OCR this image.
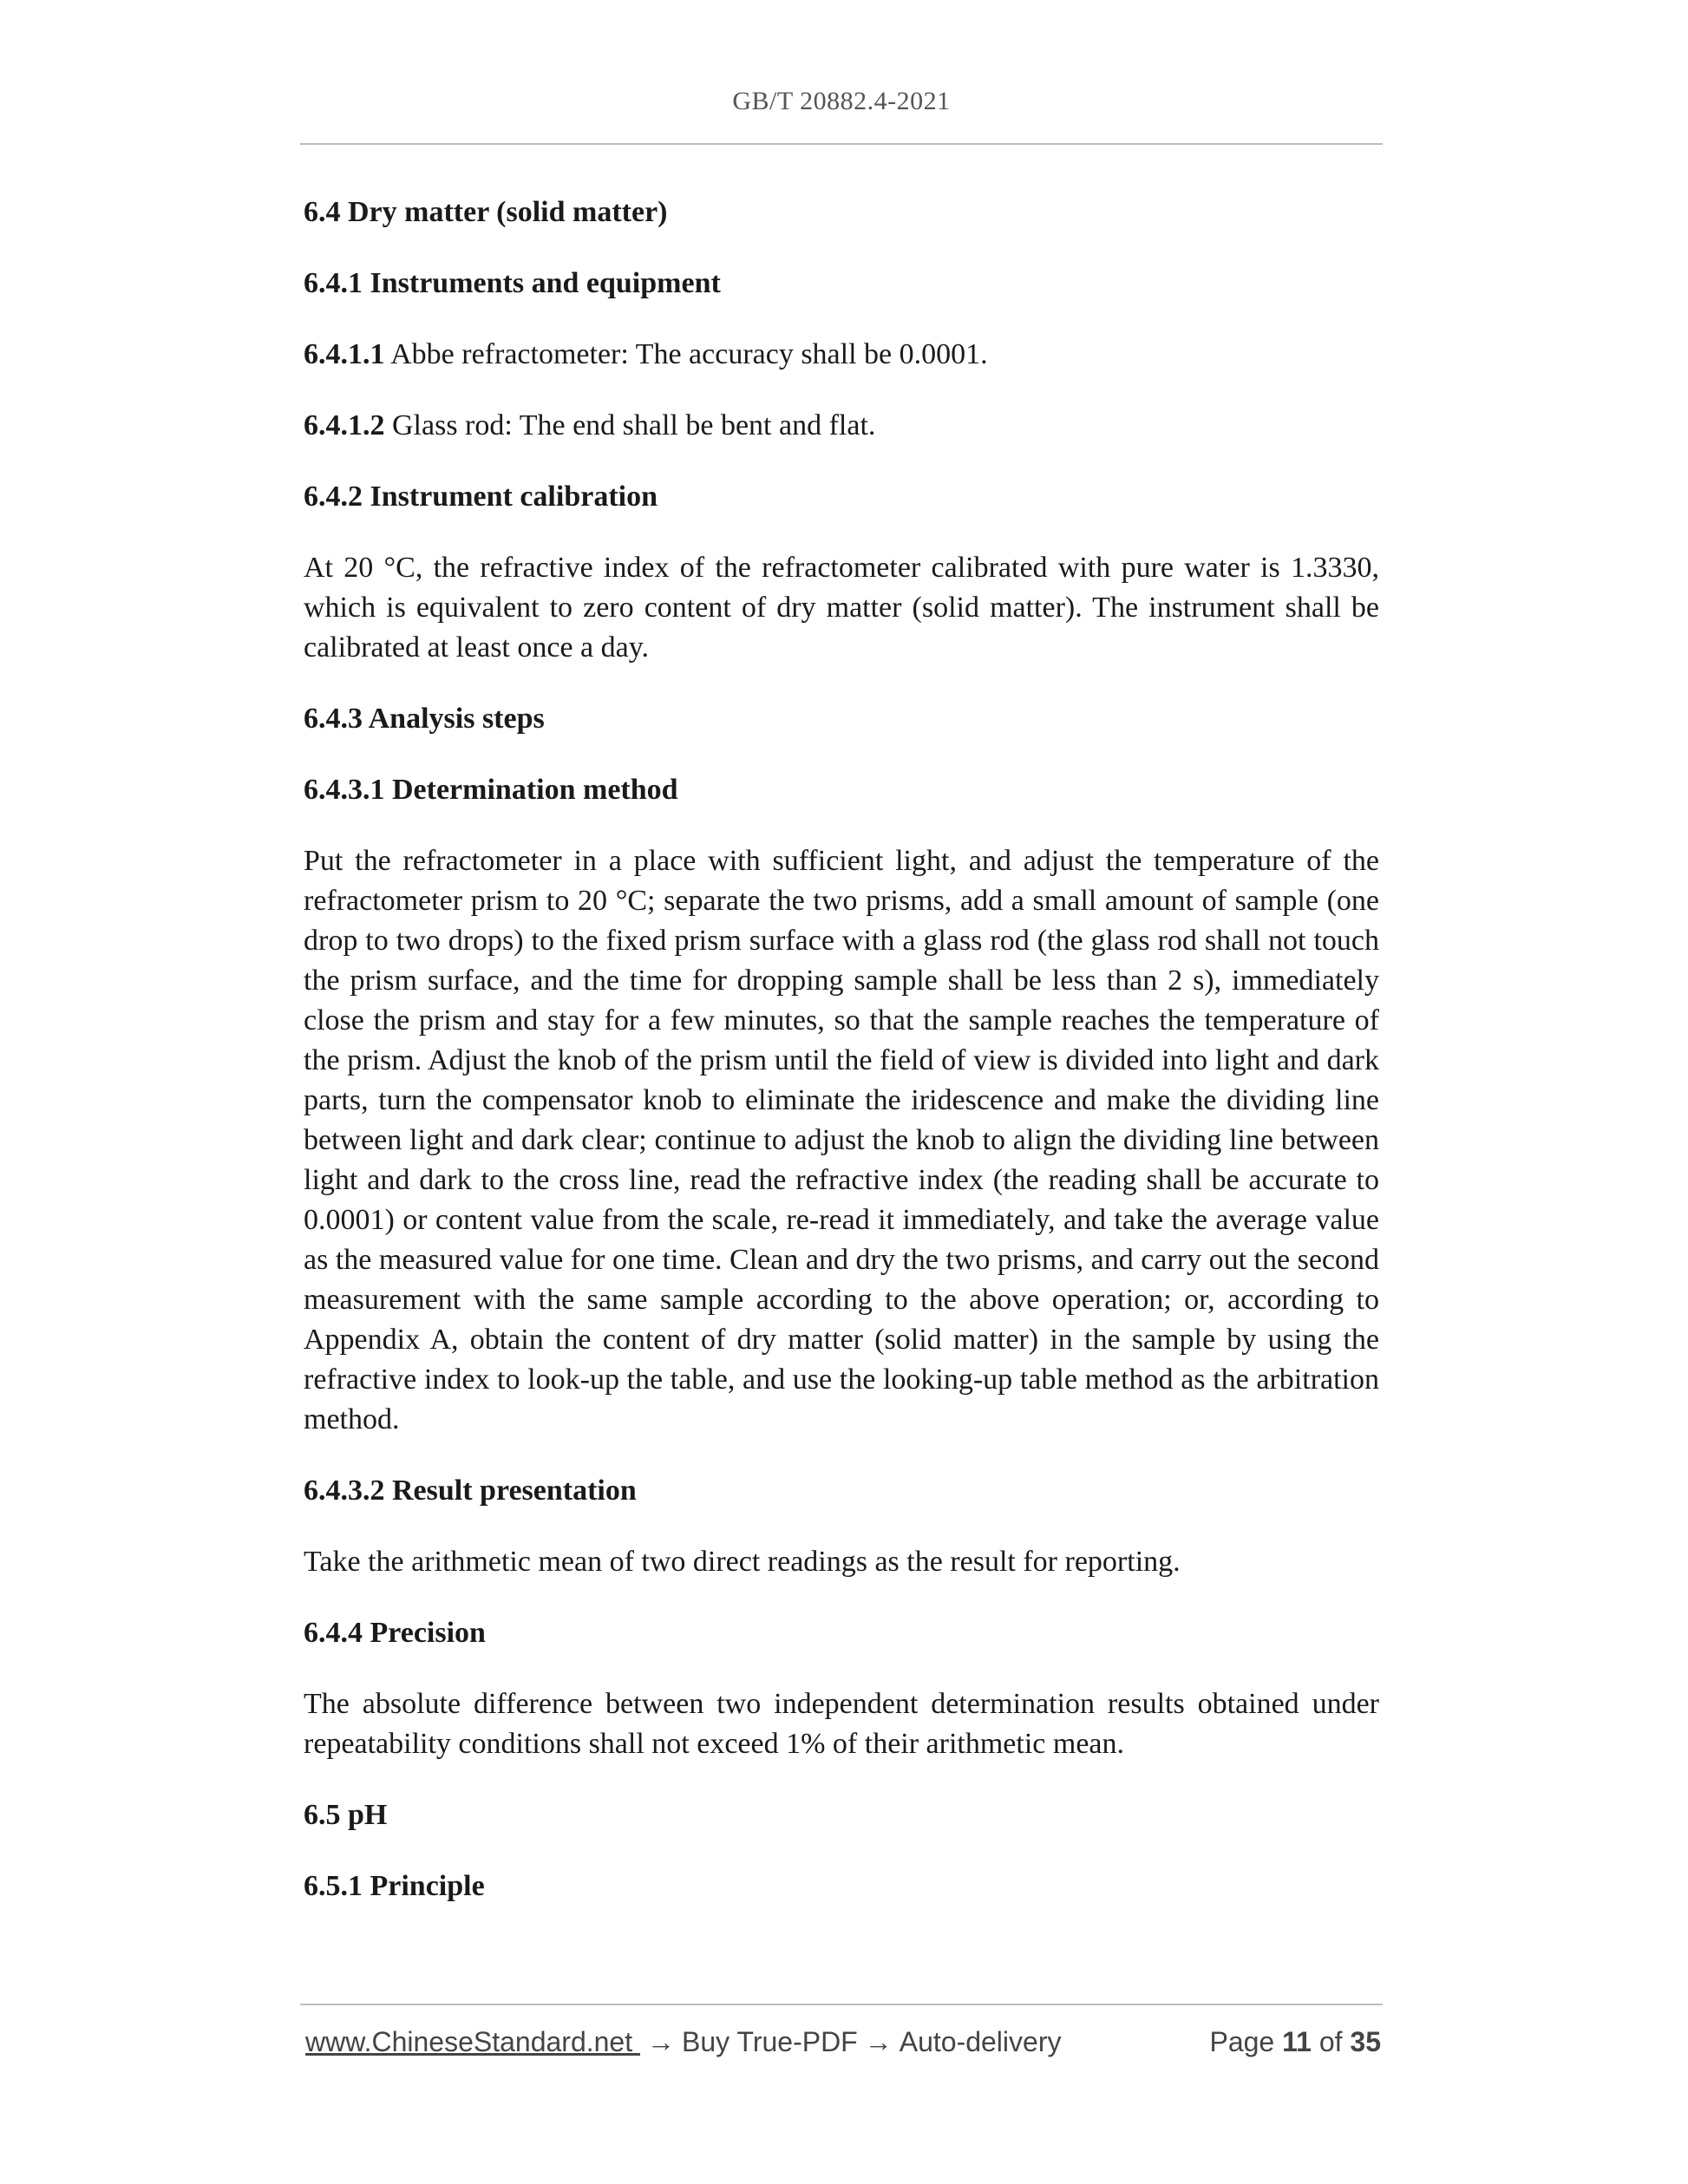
GB/T 20882.4-2021
6.4 Dry matter (solid matter)
6.4.1 Instruments and equipment

6.4.1.1 Abbe refractometer: The accuracy shall be 0.0001.

6.4.1.2 Glass rod: The end shall be bent and flat.

6.4.2 Instrument calibration

At 20 °C, the refractive index of the refractometer calibrated with pure water is 1.3330, which is equivalent to zero content of dry matter (solid matter). The instrument shall be calibrated at least once a day.

6.4.3 Analysis steps
6.4.3.1 Determination method

Put the refractometer in a place with sufficient light, and adjust the temperature of the refractometer prism to 20 °C; separate the two prisms, add a small amount of sample (one drop to two drops) to the fixed prism surface with a glass rod (the glass rod shall not touch the prism surface, and the time for dropping sample shall be less than 2 s), immediately close the prism and stay for a few minutes, so that the sample reaches the temperature of the prism. Adjust the knob of the prism until the field of view is divided into light and dark parts, turn the compensator knob to eliminate the iridescence and make the dividing line between light and dark clear; continue to adjust the knob to align the dividing line between light and dark to the cross line, read the refractive index (the reading shall be accurate to 0.0001) or content value from the scale, re-read it immediately, and take the average value as the measured value for one time. Clean and dry the two prisms, and carry out the second measurement with the same sample according to the above operation; or, according to Appendix A, obtain the content of dry matter (solid matter) in the sample by using the refractive index to look-up the table, and use the looking-up table method as the arbitration method.

6.4.3.2 Result presentation

Take the arithmetic mean of two direct readings as the result for reporting.

6.4.4 Precision

The absolute difference between two independent determination results obtained under repeatability conditions shall not exceed 1% of their arithmetic mean.

6.5 pH
6.5.1 Principle
www.ChineseStandard.net → Buy True-PDF → Auto-delivery	Page 11 of 35
